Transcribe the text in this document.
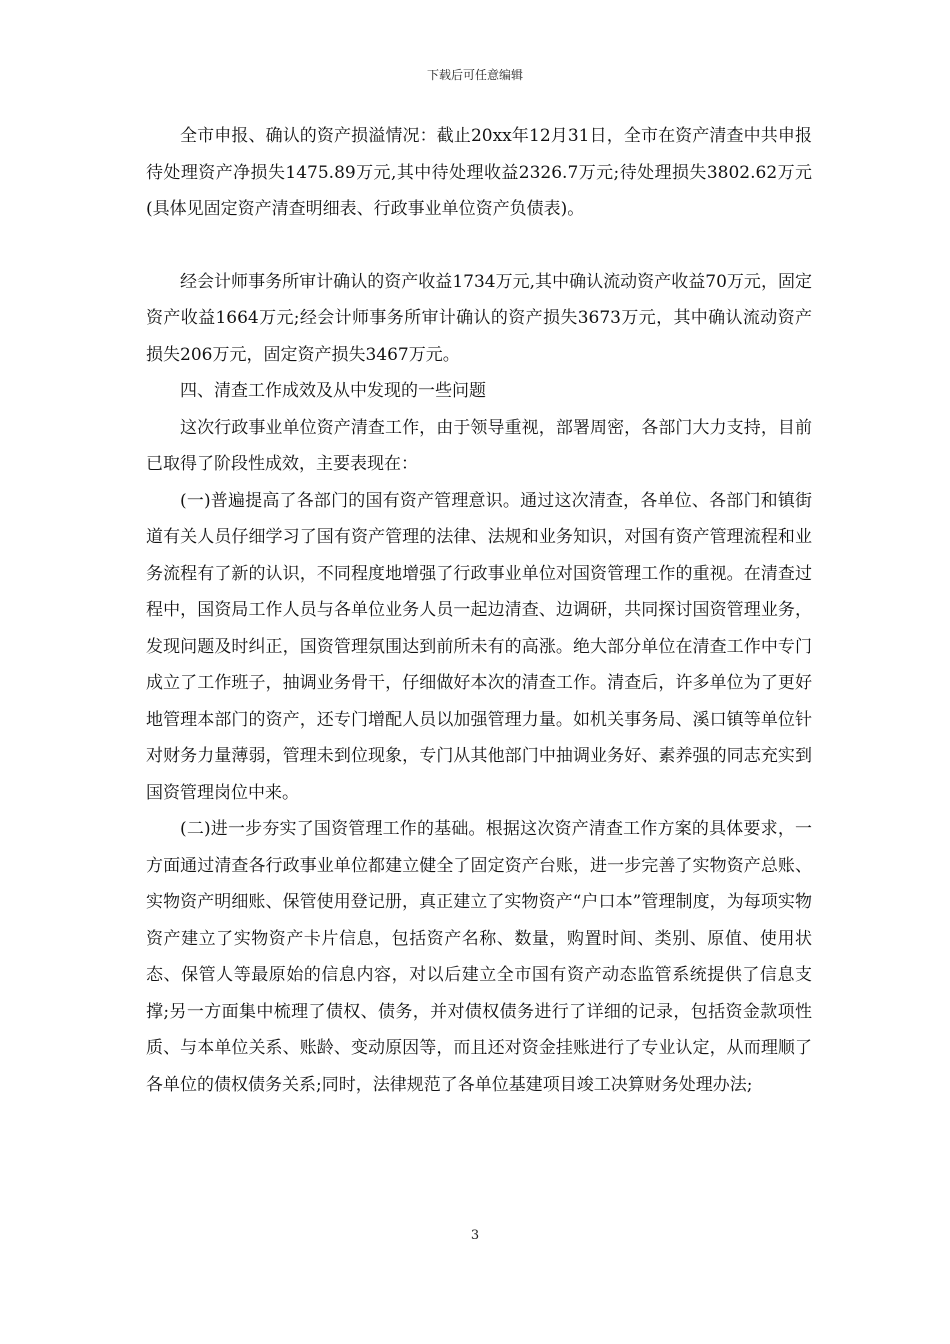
下载后可任意编辑

全市申报、确认的资产损溢情况：截止20xx年12月31日，全市在资产清查中共申报待处理资产净损失1475.89万元,其中待处理收益2326.7万元;待处理损失3802.62万元(具体见固定资产清查明细表、行政事业单位资产负债表)。

经会计师事务所审计确认的资产收益1734万元,其中确认流动资产收益70万元，固定资产收益1664万元;经会计师事务所审计确认的资产损失3673万元，其中确认流动资产损失206万元，固定资产损失3467万元。

四、清查工作成效及从中发现的一些问题

这次行政事业单位资产清查工作，由于领导重视，部署周密，各部门大力支持，目前已取得了阶段性成效，主要表现在：

(一)普遍提高了各部门的国有资产管理意识。通过这次清查，各单位、各部门和镇街道有关人员仔细学习了国有资产管理的法律、法规和业务知识，对国有资产管理流程和业务流程有了新的认识，不同程度地增强了行政事业单位对国资管理工作的重视。在清查过程中，国资局工作人员与各单位业务人员一起边清查、边调研，共同探讨国资管理业务，发现问题及时纠正，国资管理氛围达到前所未有的高涨。绝大部分单位在清查工作中专门成立了工作班子，抽调业务骨干，仔细做好本次的清查工作。清查后，许多单位为了更好地管理本部门的资产，还专门增配人员以加强管理力量。如机关事务局、溪口镇等单位针对财务力量薄弱，管理未到位现象，专门从其他部门中抽调业务好、素养强的同志充实到国资管理岗位中来。

(二)进一步夯实了国资管理工作的基础。根据这次资产清查工作方案的具体要求，一方面通过清查各行政事业单位都建立健全了固定资产台账，进一步完善了实物资产总账、实物资产明细账、保管使用登记册，真正建立了实物资产“户口本”管理制度，为每项实物资产建立了实物资产卡片信息，包括资产名称、数量，购置时间、类别、原值、使用状态、保管人等最原始的信息内容，对以后建立全市国有资产动态监管系统提供了信息支撑;另一方面集中梳理了债权、债务，并对债权债务进行了详细的记录，包括资金款项性质、与本单位关系、账龄、变动原因等，而且还对资金挂账进行了专业认定，从而理顺了各单位的债权债务关系;同时，法律规范了各单位基建项目竣工决算财务处理办法;

3
